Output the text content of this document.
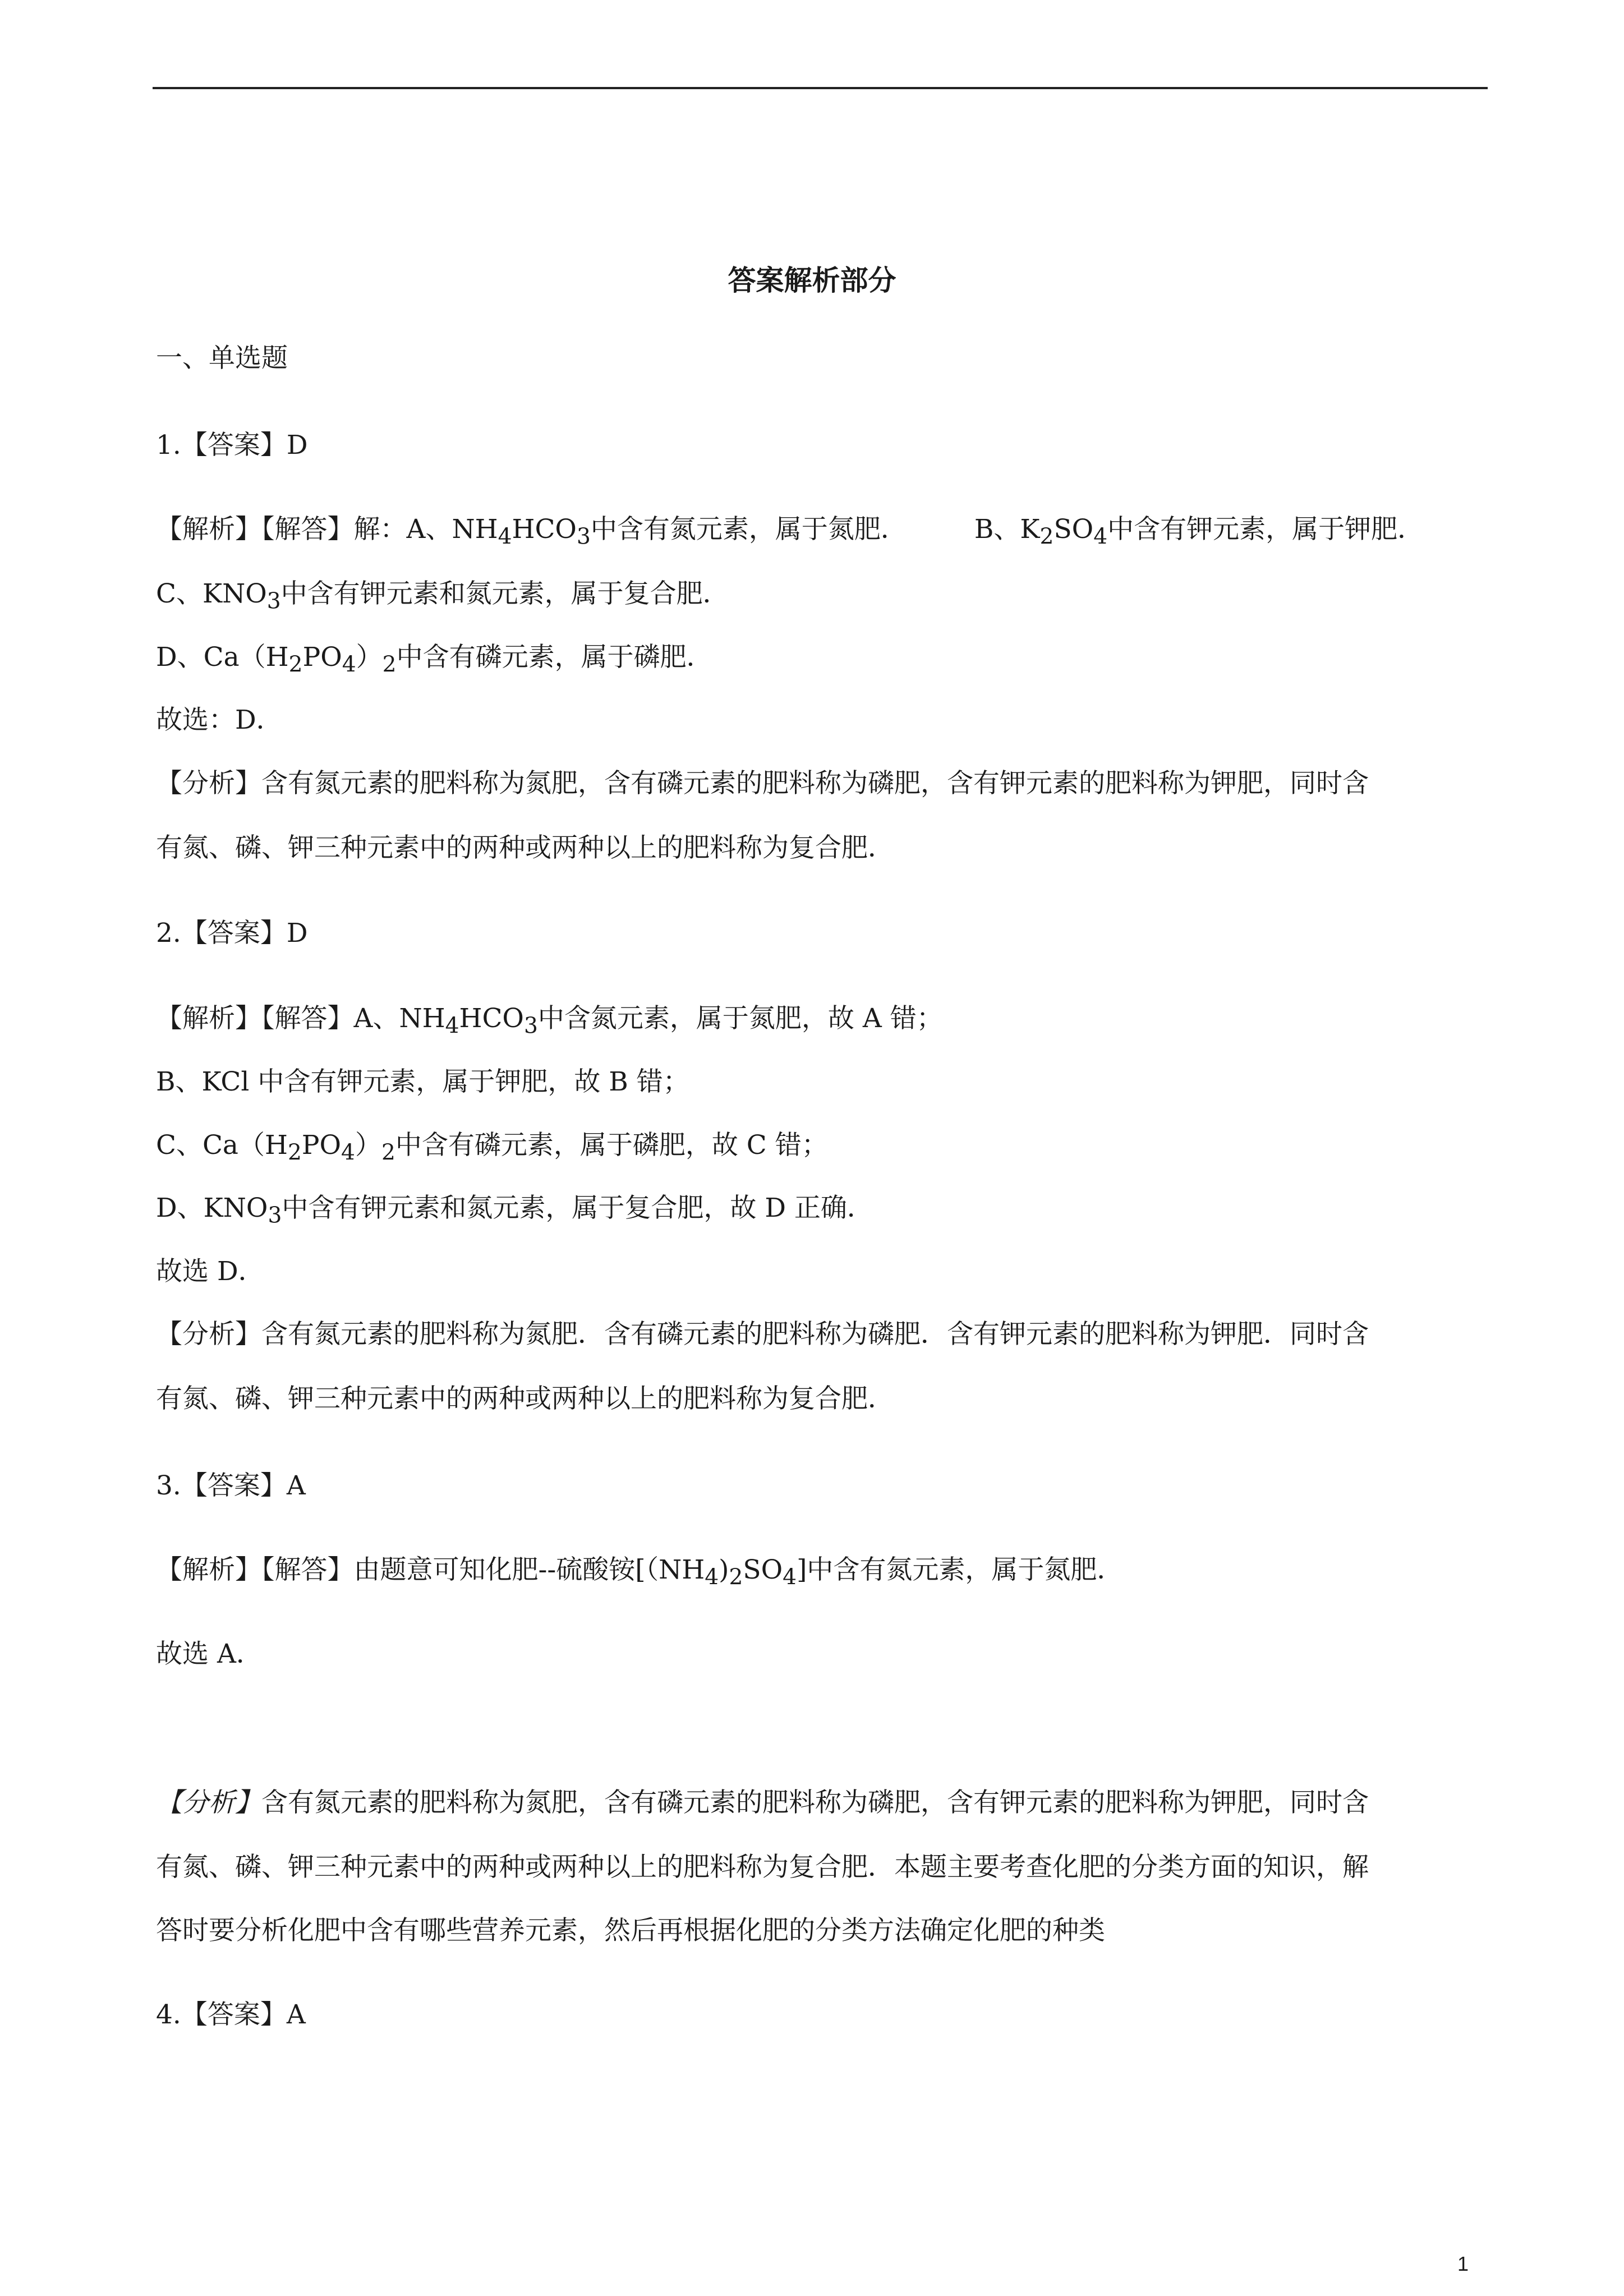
答案解析部分
一、单选题
1.【答案】D
【解析】【解答】解：A、$NH_4HCO_3$中含有氮元素，属于氮肥．	B、$K_2SO_4$中含有钾元素，属于钾肥．
C、$KNO_3$中含有钾元素和氮元素，属于复合肥．
D、$Ca(H_2PO_4)_2$中含有磷元素，属于磷肥．
故选：D．
【分析】含有氮元素的肥料称为氮肥，含有磷元素的肥料称为磷肥，含有钾元素的肥料称为钾肥，同时含
有氮、磷、钾三种元素中的两种或两种以上的肥料称为复合肥．
2.【答案】D
【解析】【解答】A、$NH_4HCO_3$中含氮元素，属于氮肥，故 A 错；
B、KCl 中含有钾元素，属于钾肥，故 B 错；
C、$Ca(H_2PO_4)_2$中含有磷元素，属于磷肥，故 C 错；
D、$KNO_3$中含有钾元素和氮元素，属于复合肥，故 D 正确．
故选 D．
【分析】含有氮元素的肥料称为氮肥．含有磷元素的肥料称为磷肥．含有钾元素的肥料称为钾肥．同时含
有氮、磷、钾三种元素中的两种或两种以上的肥料称为复合肥．
3.【答案】A
【解析】【解答】由题意可知化肥--硫酸铵$[(NH_4)_2SO_4]$中含有氮元素，属于氮肥．
故选 A．
【分析】含有氮元素的肥料称为氮肥，含有磷元素的肥料称为磷肥，含有钾元素的肥料称为钾肥，同时含
有氮、磷、钾三种元素中的两种或两种以上的肥料称为复合肥．本题主要考查化肥的分类方面的知识，解
答时要分析化肥中含有哪些营养元素，然后再根据化肥的分类方法确定化肥的种类
4.【答案】A
1
